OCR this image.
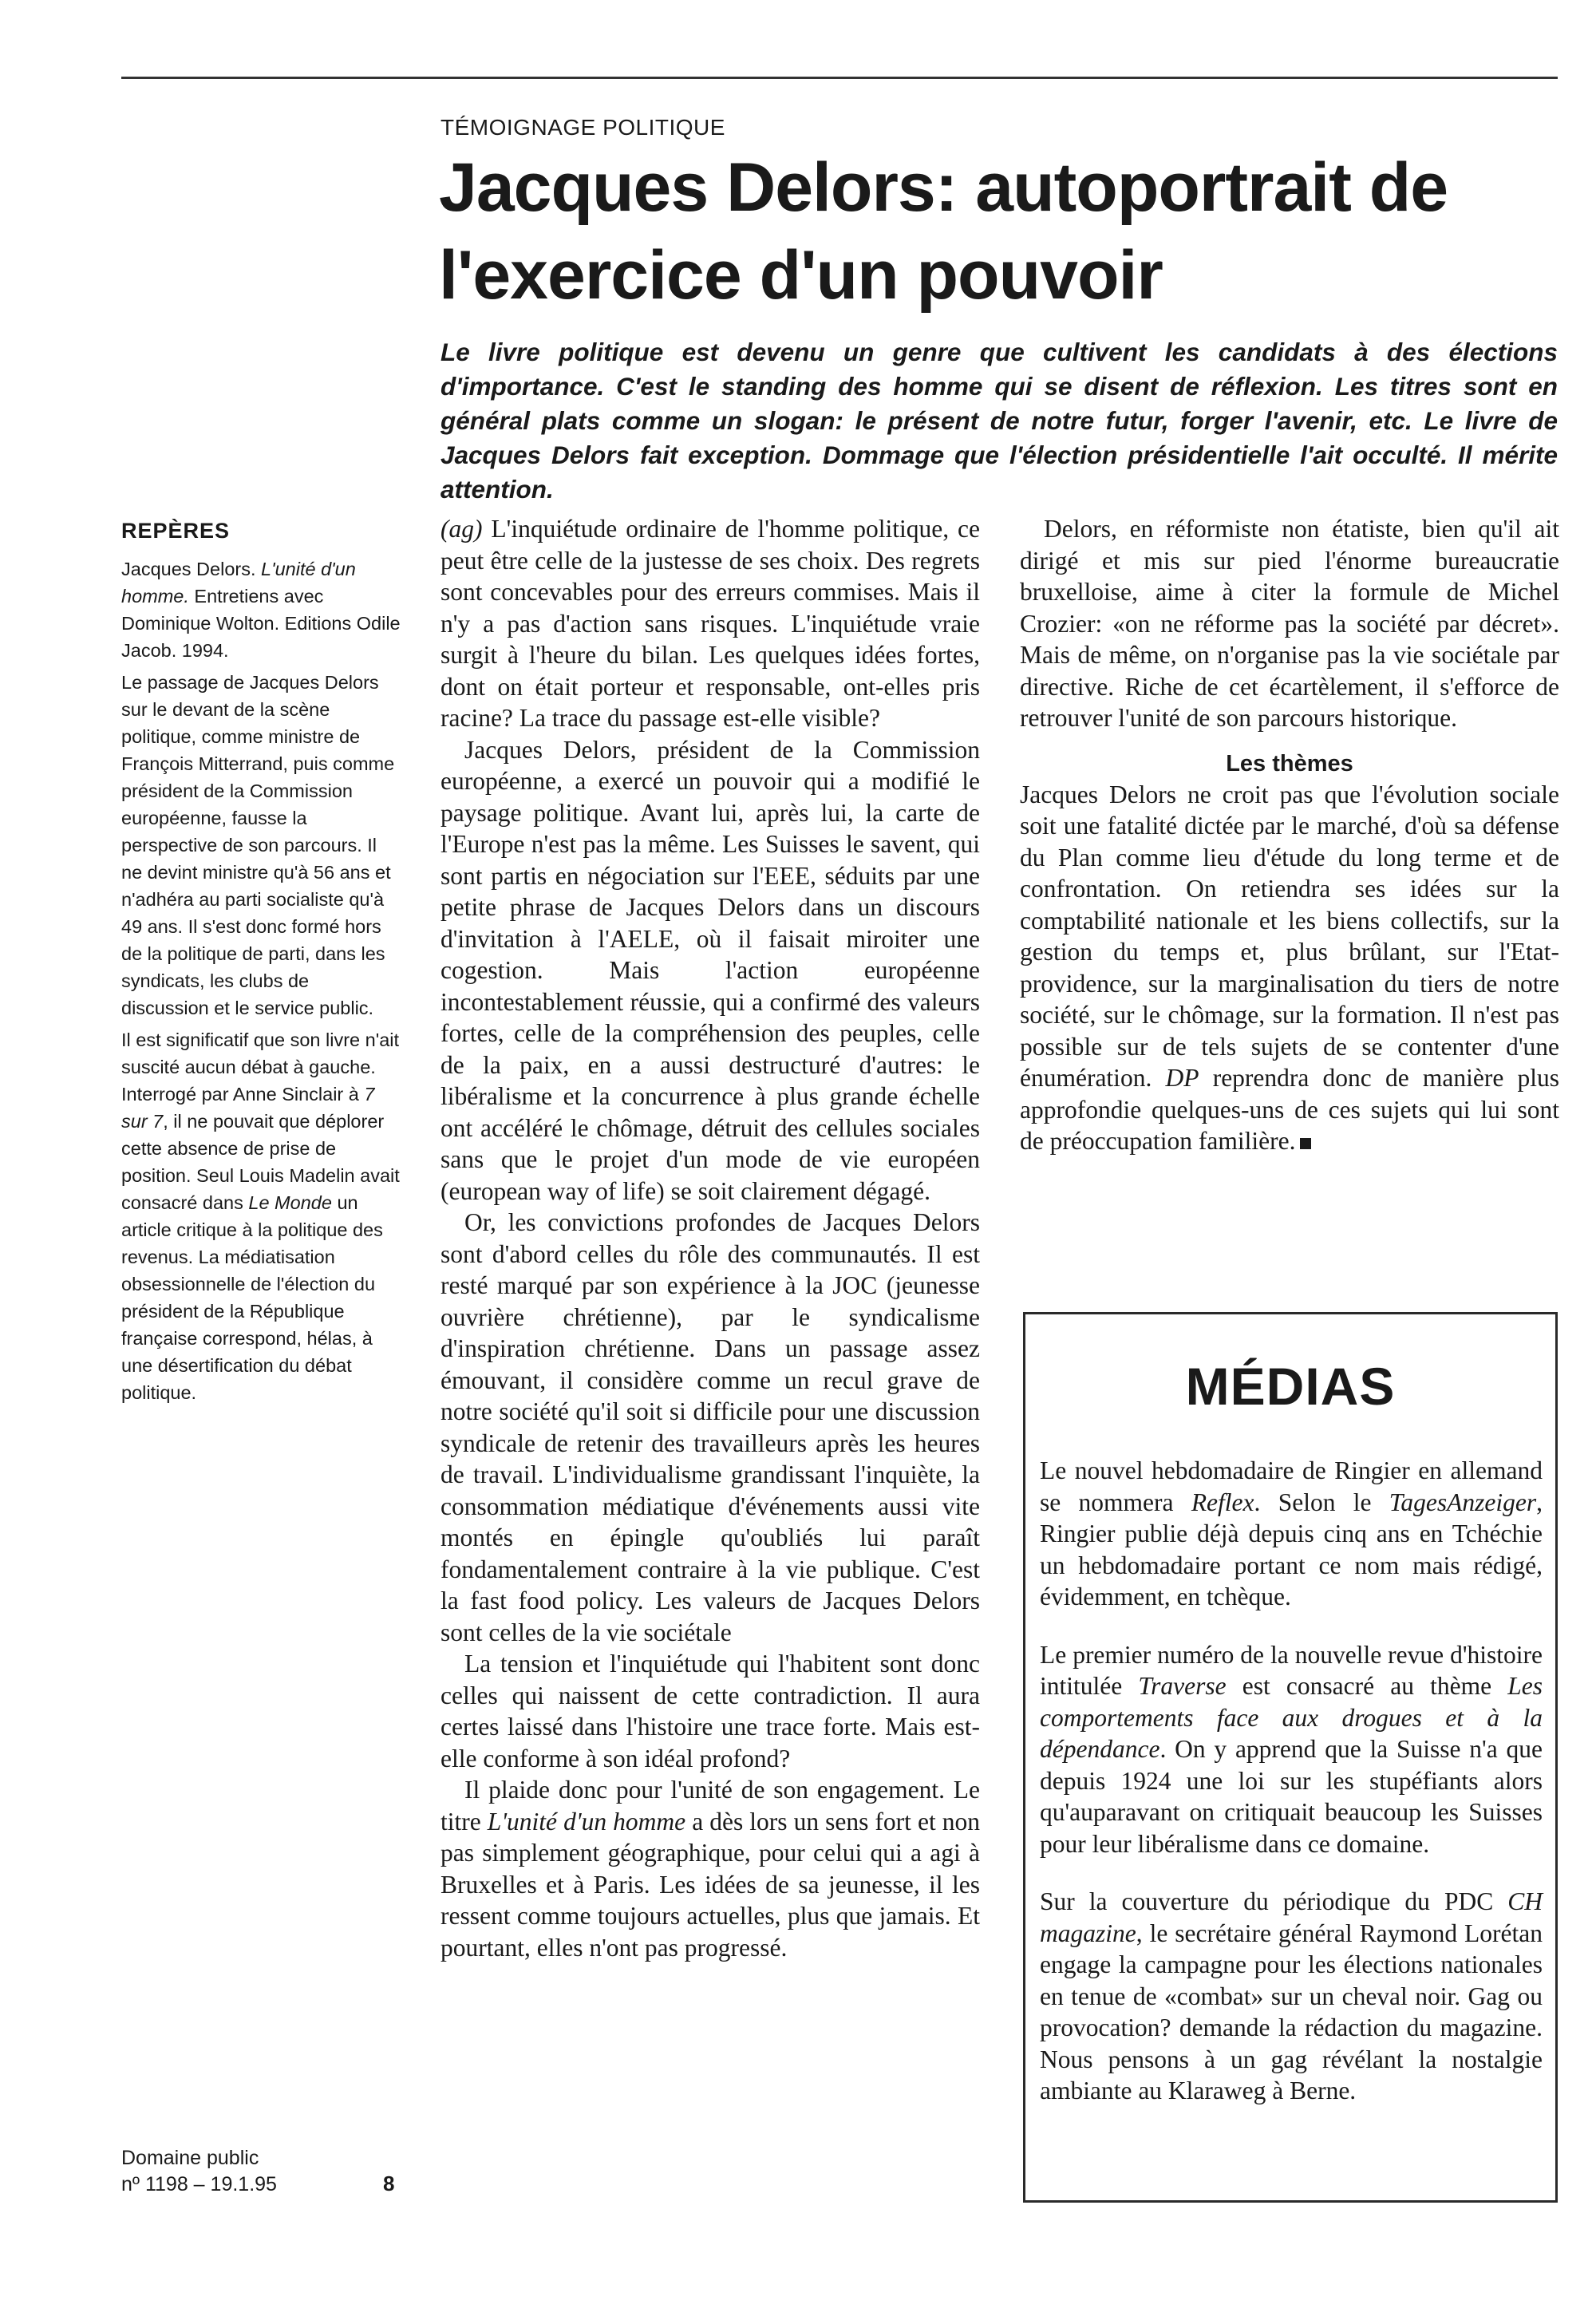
TÉMOIGNAGE POLITIQUE
Jacques Delors: autoportrait de l'exercice d'un pouvoir

Le livre politique est devenu un genre que cultivent les candidats à des élections d'importance. C'est le standing des homme qui se disent de réflexion. Les titres sont en général plats comme un slogan: le présent de notre futur, forger l'avenir, etc. Le livre de Jacques Delors fait exception. Dommage que l'élection présidentielle l'ait occulté. Il mérite attention.

REPÈRES

Jacques Delors. L'unité d'un homme. Entretiens avec Dominique Wolton. Editions Odile Jacob. 1994.

Le passage de Jacques Delors sur le devant de la scène politique, comme ministre de François Mitterrand, puis comme président de la Commission européenne, fausse la perspective de son parcours. Il ne devint ministre qu'à 56 ans et n'adhéra au parti socialiste qu'à 49 ans. Il s'est donc formé hors de la politique de parti, dans les syndicats, les clubs de discussion et le service public.

Il est significatif que son livre n'ait suscité aucun débat à gauche. Interrogé par Anne Sinclair à 7 sur 7, il ne pouvait que déplorer cette absence de prise de position. Seul Louis Madelin avait consacré dans Le Monde un article critique à la politique des revenus. La médiatisation obsessionnelle de l'élection du président de la République française correspond, hélas, à une désertification du débat politique.

Domaine public
nº 1198 – 19.1.95	8

(ag) L'inquiétude ordinaire de l'homme politique, ce peut être celle de la justesse de ses choix. Des regrets sont concevables pour des erreurs commises. Mais il n'y a pas d'action sans risques. L'inquiétude vraie surgit à l'heure du bilan. Les quelques idées fortes, dont on était porteur et responsable, ont-elles pris racine? La trace du passage est-elle visible?

Jacques Delors, président de la Commission européenne, a exercé un pouvoir qui a modifié le paysage politique. Avant lui, après lui, la carte de l'Europe n'est pas la même. Les Suisses le savent, qui sont partis en négociation sur l'EEE, séduits par une petite phrase de Jacques Delors dans un discours d'invitation à l'AELE, où il faisait miroiter une cogestion. Mais l'action européenne incontestablement réussie, qui a confirmé des valeurs fortes, celle de la compréhension des peuples, celle de la paix, en a aussi destructuré d'autres: le libéralisme et la concurrence à plus grande échelle ont accéléré le chômage, détruit des cellules sociales sans que le projet d'un mode de vie européen (european way of life) se soit clairement dégagé.

Or, les convictions profondes de Jacques Delors sont d'abord celles du rôle des communautés. Il est resté marqué par son expérience à la JOC (jeunesse ouvrière chrétienne), par le syndicalisme d'inspiration chrétienne. Dans un passage assez émouvant, il considère comme un recul grave de notre société qu'il soit si difficile pour une discussion syndicale de retenir des travailleurs après les heures de travail. L'individualisme grandissant l'inquiète, la consommation médiatique d'événements aussi vite montés en épingle qu'oubliés lui paraît fondamentalement contraire à la vie publique. C'est la fast food policy. Les valeurs de Jacques Delors sont celles de la vie sociétale

La tension et l'inquiétude qui l'habitent sont donc celles qui naissent de cette contradiction. Il aura certes laissé dans l'histoire une trace forte. Mais est-elle conforme à son idéal profond?

Il plaide donc pour l'unité de son engagement. Le titre L'unité d'un homme a dès lors un sens fort et non pas simplement géographique, pour celui qui a agi à Bruxelles et à Paris. Les idées de sa jeunesse, il les ressent comme toujours actuelles, plus que jamais. Et pourtant, elles n'ont pas progressé.

Delors, en réformiste non étatiste, bien qu'il ait dirigé et mis sur pied l'énorme bureaucratie bruxelloise, aime à citer la formule de Michel Crozier: «on ne réforme pas la société par décret». Mais de même, on n'organise pas la vie sociétale par directive. Riche de cet écartèlement, il s'efforce de retrouver l'unité de son parcours historique.

Les thèmes

Jacques Delors ne croit pas que l'évolution sociale soit une fatalité dictée par le marché, d'où sa défense du Plan comme lieu d'étude du long terme et de confrontation. On retiendra ses idées sur la comptabilité nationale et les biens collectifs, sur la gestion du temps et, plus brûlant, sur l'Etat-providence, sur la marginalisation du tiers de notre société, sur le chômage, sur la formation. Il n'est pas possible sur de tels sujets de se contenter d'une énumération. DP reprendra donc de manière plus approfondie quelques-uns de ces sujets qui lui sont de préoccupation familière.

MÉDIAS

Le nouvel hebdomadaire de Ringier en allemand se nommera Reflex. Selon le TagesAnzeiger, Ringier publie déjà depuis cinq ans en Tchéchie un hebdomadaire portant ce nom mais rédigé, évidemment, en tchèque.

Le premier numéro de la nouvelle revue d'histoire intitulée Traverse est consacré au thème Les comportements face aux drogues et à la dépendance. On y apprend que la Suisse n'a que depuis 1924 une loi sur les stupéfiants alors qu'auparavant on critiquait beaucoup les Suisses pour leur libéralisme dans ce domaine.

Sur la couverture du périodique du PDC CH magazine, le secrétaire général Raymond Lorétan engage la campagne pour les élections nationales en tenue de «combat» sur un cheval noir. Gag ou provocation? demande la rédaction du magazine. Nous pensons à un gag révélant la nostalgie ambiante au Klaraweg à Berne.
